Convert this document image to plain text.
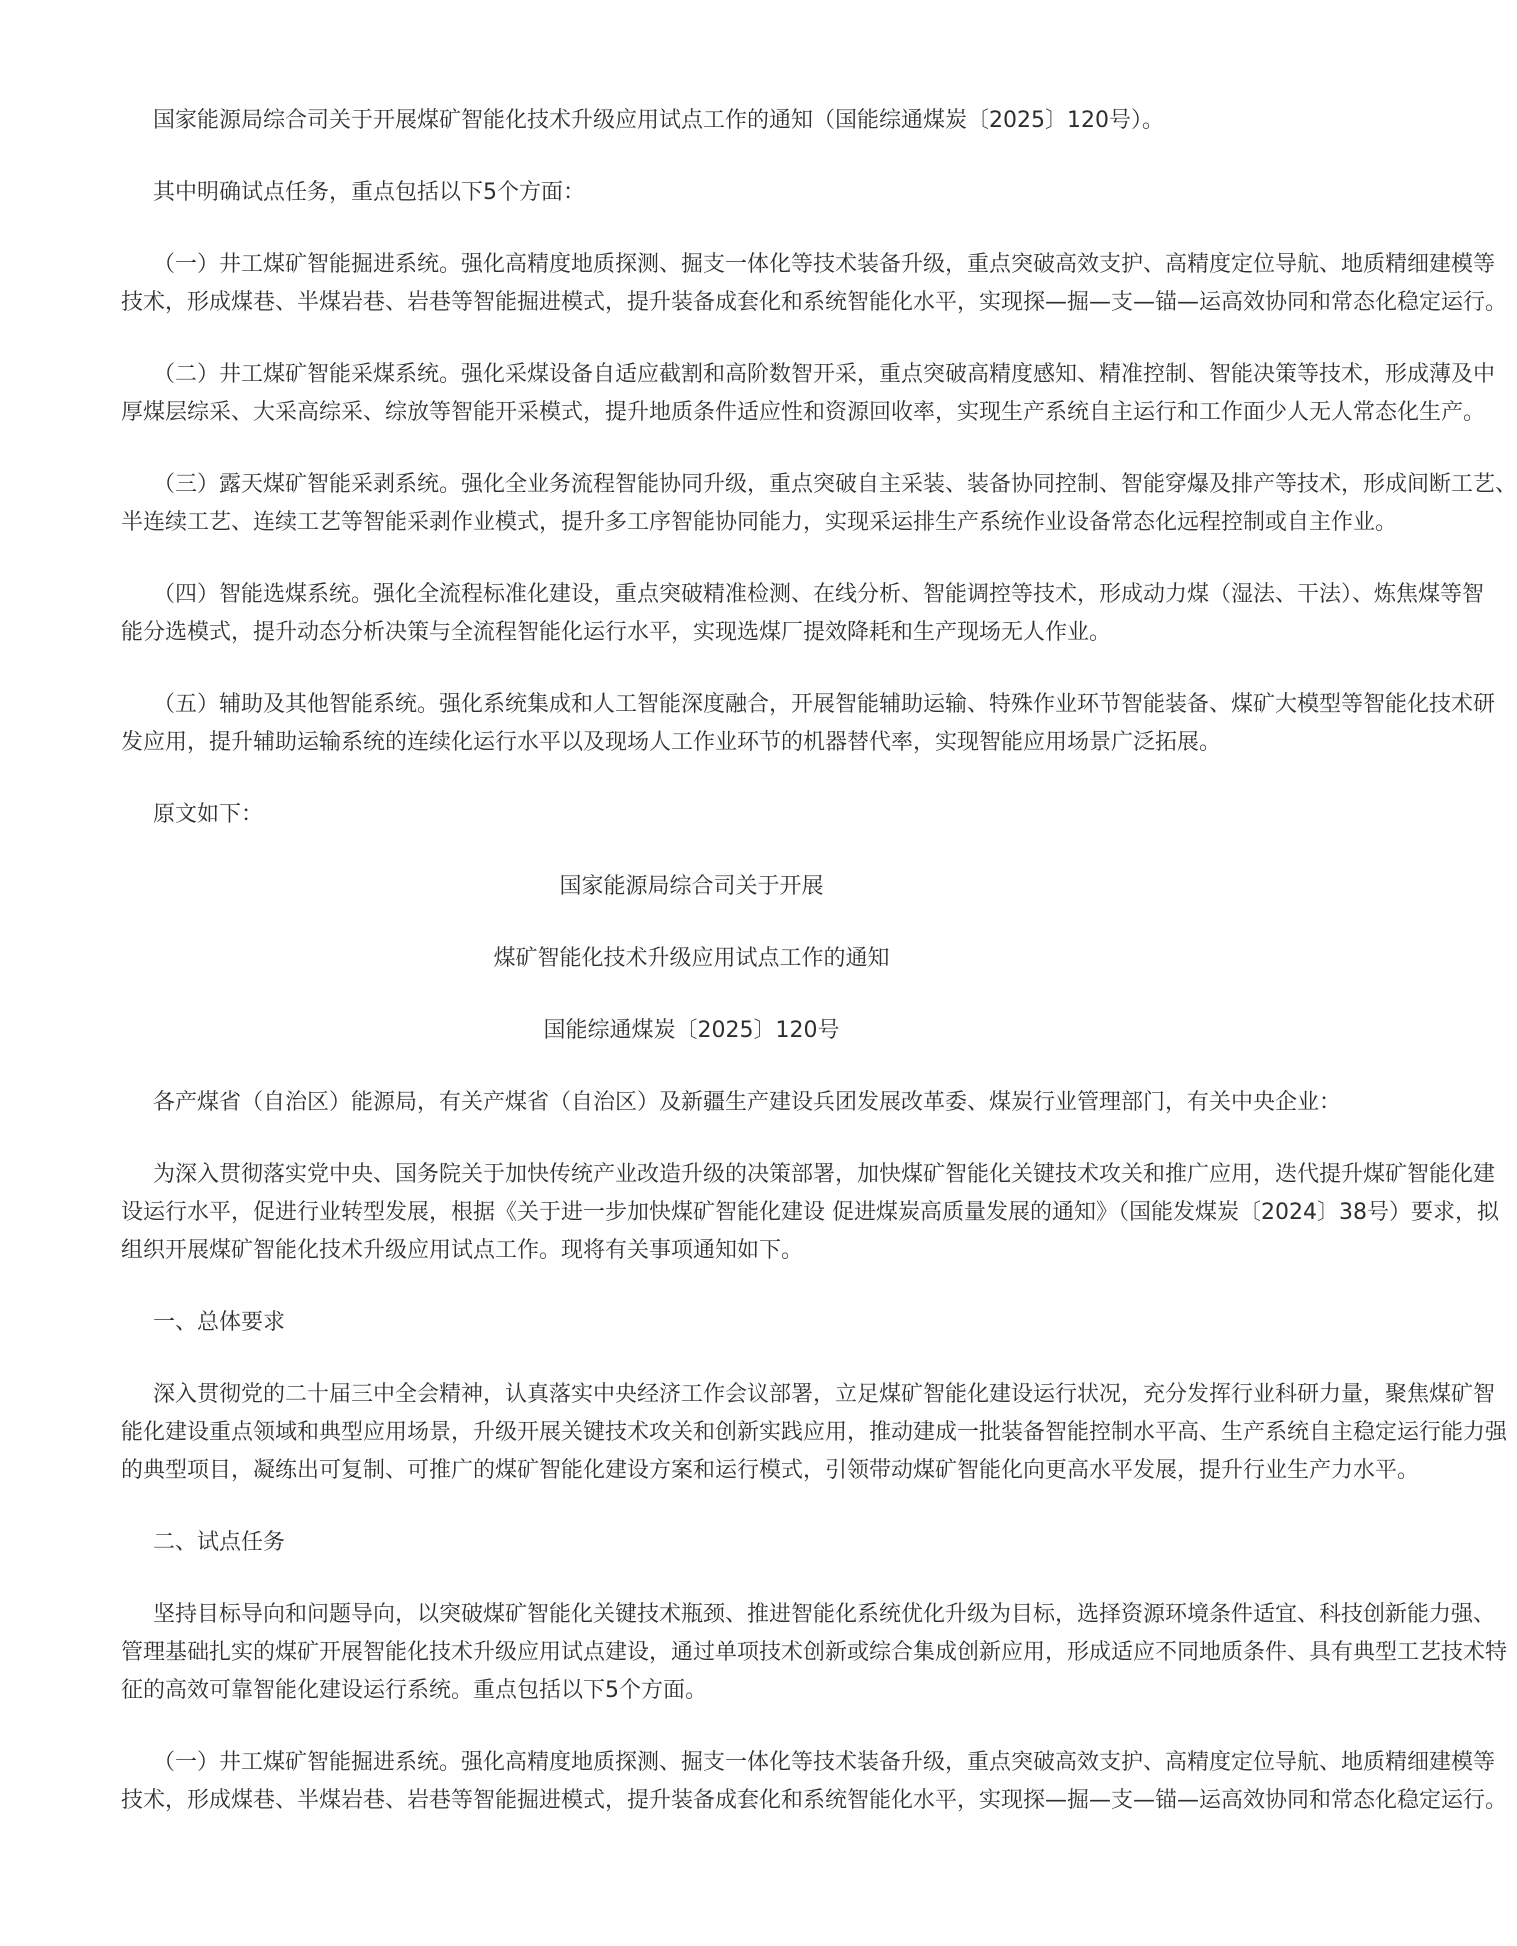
国家能源局综合司关于开展煤矿智能化技术升级应用试点工作的通知（国能综通煤炭〔2025〕120号）。
其中明确试点任务，重点包括以下5个方面：
（一）井工煤矿智能掘进系统。强化高精度地质探测、掘支一体化等技术装备升级，重点突破高效支护、高精度定位导航、地质精细建模等
技术，形成煤巷、半煤岩巷、岩巷等智能掘进模式，提升装备成套化和系统智能化水平，实现探—掘—支—锚—运高效协同和常态化稳定运行。
（二）井工煤矿智能采煤系统。强化采煤设备自适应截割和高阶数智开采，重点突破高精度感知、精准控制、智能决策等技术，形成薄及中
厚煤层综采、大采高综采、综放等智能开采模式，提升地质条件适应性和资源回收率，实现生产系统自主运行和工作面少人无人常态化生产。
（三）露天煤矿智能采剥系统。强化全业务流程智能协同升级，重点突破自主采装、装备协同控制、智能穿爆及排产等技术，形成间断工艺、
半连续工艺、连续工艺等智能采剥作业模式，提升多工序智能协同能力，实现采运排生产系统作业设备常态化远程控制或自主作业。
（四）智能选煤系统。强化全流程标准化建设，重点突破精准检测、在线分析、智能调控等技术，形成动力煤（湿法、干法）、炼焦煤等智
能分选模式，提升动态分析决策与全流程智能化运行水平，实现选煤厂提效降耗和生产现场无人作业。
（五）辅助及其他智能系统。强化系统集成和人工智能深度融合，开展智能辅助运输、特殊作业环节智能装备、煤矿大模型等智能化技术研
发应用，提升辅助运输系统的连续化运行水平以及现场人工作业环节的机器替代率，实现智能应用场景广泛拓展。
原文如下：
国家能源局综合司关于开展
煤矿智能化技术升级应用试点工作的通知
国能综通煤炭〔2025〕120号
各产煤省（自治区）能源局，有关产煤省（自治区）及新疆生产建设兵团发展改革委、煤炭行业管理部门，有关中央企业：
为深入贯彻落实党中央、国务院关于加快传统产业改造升级的决策部署，加快煤矿智能化关键技术攻关和推广应用，迭代提升煤矿智能化建
设运行水平，促进行业转型发展，根据《关于进一步加快煤矿智能化建设 促进煤炭高质量发展的通知》（国能发煤炭〔2024〕38号）要求，拟
组织开展煤矿智能化技术升级应用试点工作。现将有关事项通知如下。
一、总体要求
深入贯彻党的二十届三中全会精神，认真落实中央经济工作会议部署，立足煤矿智能化建设运行状况，充分发挥行业科研力量，聚焦煤矿智
能化建设重点领域和典型应用场景，升级开展关键技术攻关和创新实践应用，推动建成一批装备智能控制水平高、生产系统自主稳定运行能力强
的典型项目，凝练出可复制、可推广的煤矿智能化建设方案和运行模式，引领带动煤矿智能化向更高水平发展，提升行业生产力水平。
二、试点任务
坚持目标导向和问题导向，以突破煤矿智能化关键技术瓶颈、推进智能化系统优化升级为目标，选择资源环境条件适宜、科技创新能力强、
管理基础扎实的煤矿开展智能化技术升级应用试点建设，通过单项技术创新或综合集成创新应用，形成适应不同地质条件、具有典型工艺技术特
征的高效可靠智能化建设运行系统。重点包括以下5个方面。
（一）井工煤矿智能掘进系统。强化高精度地质探测、掘支一体化等技术装备升级，重点突破高效支护、高精度定位导航、地质精细建模等
技术，形成煤巷、半煤岩巷、岩巷等智能掘进模式，提升装备成套化和系统智能化水平，实现探—掘—支—锚—运高效协同和常态化稳定运行。
